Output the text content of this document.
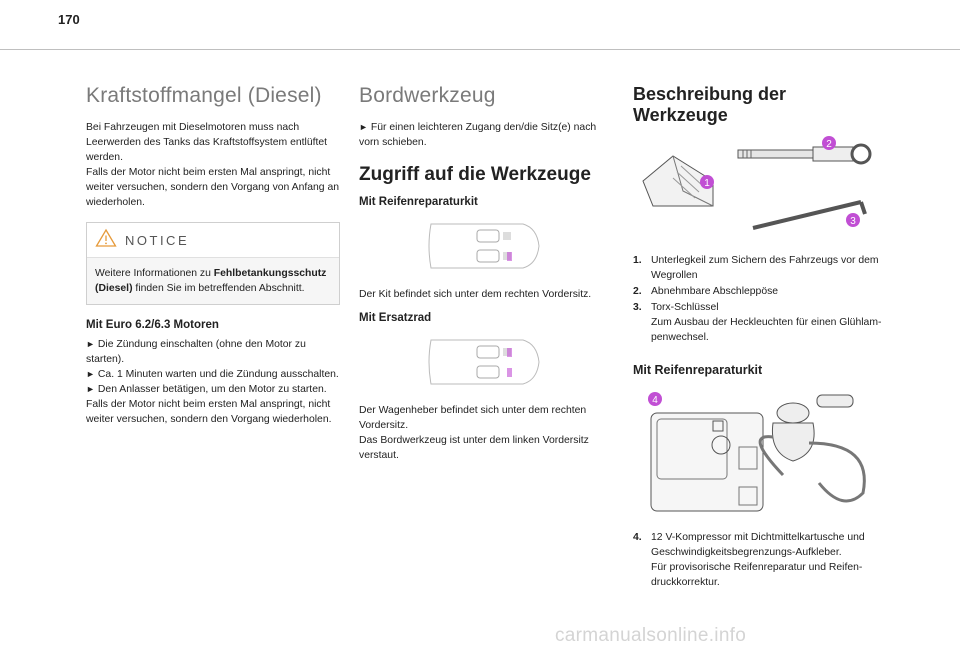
170
Kraftstoffmangel (Diesel)

Bei Fahrzeugen mit Dieselmotoren muss nach Leerwerden des Tanks das Kraftstoffsystem entlüftet werden.

Falls der Motor nicht beim ersten Mal anspringt, nicht weiter versuchen, sondern den Vorgang von Anfang an wiederholen.

NOTICE
Weitere Informationen zu Fehlbetankungsschutz (Diesel) finden Sie im betreffenden Abschnitt.
Mit Euro 6.2/6.3 Motoren

► Die Zündung einschalten (ohne den Motor zu starten).

► Ca. 1 Minuten warten und die Zündung ausschalten.

► Den Anlasser betätigen, um den Motor zu starten.

Falls der Motor nicht beim ersten Mal anspringt, nicht weiter versuchen, sondern den Vorgang wiederholen.

Bordwerkzeug

► Für einen leichteren Zugang den/die Sitz(e) nach vorn schieben.

Zugriff auf die Werkzeuge
Mit Reifenreparaturkit

Der Kit befindet sich unter dem rechten Vordersitz.

Mit Ersatzrad

Der Wagenheber befindet sich unter dem rechten Vordersitz.

Das Bordwerkzeug ist unter dem linken Vordersitz verstaut.

Beschreibung der Werkzeuge
1
2
3
1. Unterlegkeil zum Sichern des Fahrzeugs vor dem Wegrollen
2. Abnehmbare Abschleppöse
3. Torx-Schlüssel
Zum Ausbau der Heckleuchten für einen Glühlam-penwechsel.
Mit Reifenreparaturkit
4
4. 12 V-Kompressor mit Dichtmittelkartusche und Geschwindigkeitsbegrenzungs-Aufkleber.
Für provisorische Reifenreparatur und Reifen-druckkorrektur.
carmanualsonline.info
